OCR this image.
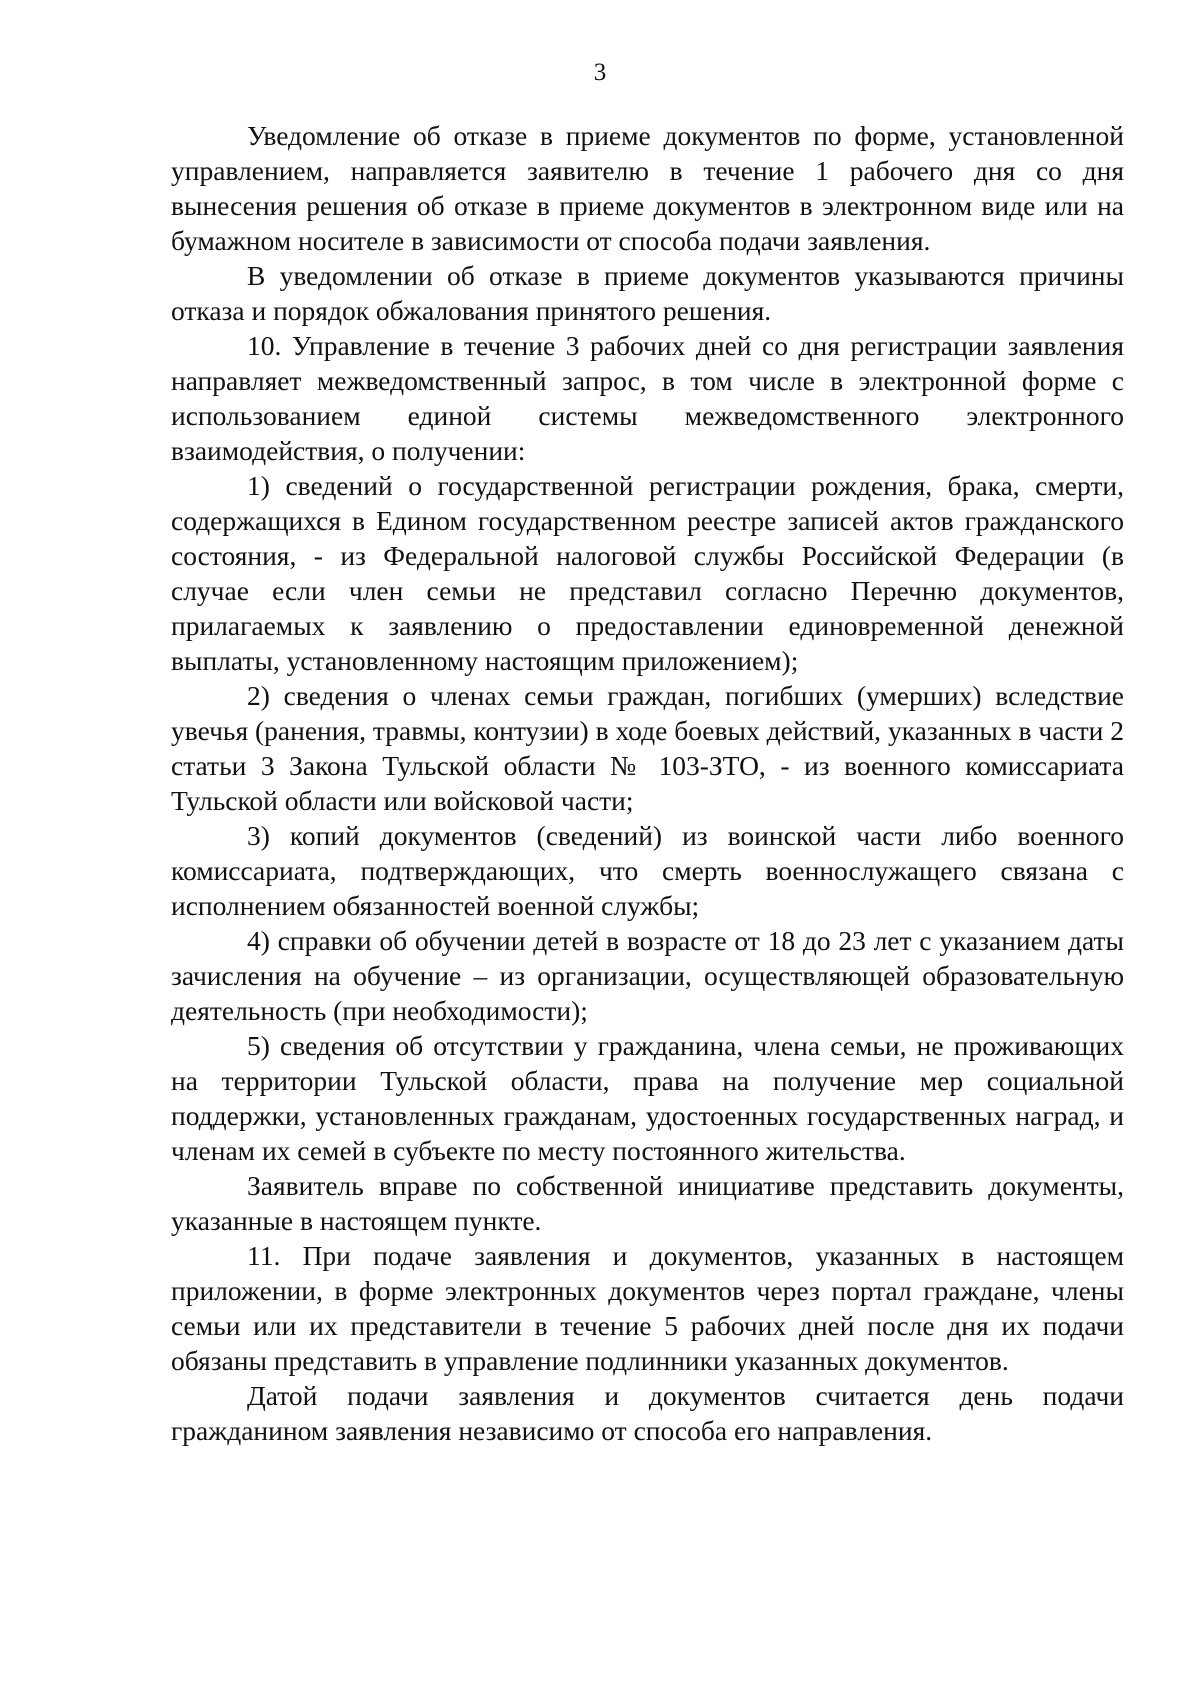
3

Уведомление об отказе в приеме документов по форме, установленной управлением, направляется заявителю в течение 1 рабочего дня со дня вынесения решения об отказе в приеме документов в электронном виде или на бумажном носителе в зависимости от способа подачи заявления.

В уведомлении об отказе в приеме документов указываются причины отказа и порядок обжалования принятого решения.

10. Управление в течение 3 рабочих дней со дня регистрации заявления направляет межведомственный запрос, в том числе в электронной форме с использованием единой системы межведомственного электронного взаимодействия, о получении:

1) сведений о государственной регистрации рождения, брака, смерти, содержащихся в Едином государственном реестре записей актов гражданского состояния, - из Федеральной налоговой службы Российской Федерации (в случае если член семьи не представил согласно Перечню документов, прилагаемых к заявлению о предоставлении единовременной денежной выплаты, установленному настоящим приложением);

2) сведения о членах семьи граждан, погибших (умерших) вследствие увечья (ранения, травмы, контузии) в ходе боевых действий, указанных в части 2 статьи 3 Закона Тульской области № 103-ЗТО, - из военного комиссариата Тульской области или войсковой части;

3) копий документов (сведений) из воинской части либо военного комиссариата, подтверждающих, что смерть военнослужащего связана с исполнением обязанностей военной службы;

4) справки об обучении детей в возрасте от 18 до 23 лет с указанием даты зачисления на обучение – из организации, осуществляющей образовательную деятельность (при необходимости);

5) сведения об отсутствии у гражданина, члена семьи, не проживающих на территории Тульской области, права на получение мер социальной поддержки, установленных гражданам, удостоенных государственных наград, и членам их семей в субъекте по месту постоянного жительства.

Заявитель вправе по собственной инициативе представить документы, указанные в настоящем пункте.

11. При подаче заявления и документов, указанных в настоящем приложении, в форме электронных документов через портал граждане, члены семьи или их представители в течение 5 рабочих дней после дня их подачи обязаны представить в управление подлинники указанных документов.

Датой подачи заявления и документов считается день подачи гражданином заявления независимо от способа его направления.
